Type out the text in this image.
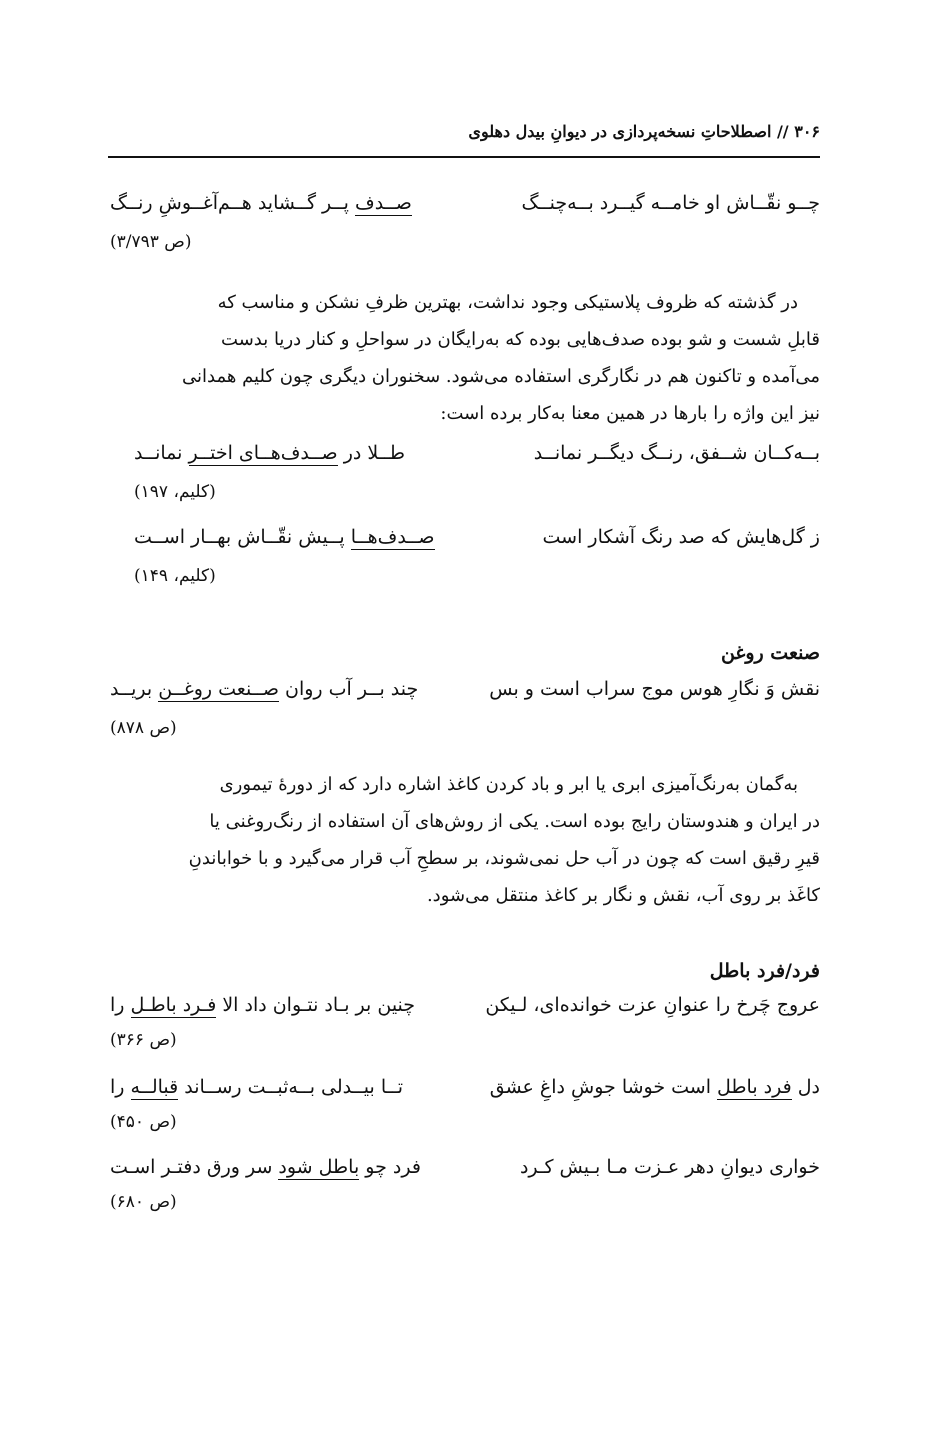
۳۰۶ // اصطلاحاتِ نسخه‌پردازی در دیوانِ بیدل دهلوی
چــو نقّــاش او خامــه گیــرد بــه‌چنــگ
صــدف پــر گــشاید هــم‌آغــوشِ رنــگ
(ص ۳/۷۹۳)
در گذشته که ظروف پلاستیکی وجود نداشت، بهترین ظرفِ نشکن و مناسب که
قابلِ شست و شو بوده صدف‌هایی بوده که به‌رایگان در سواحلِ و کنار دریا بدست
می‌آمده و تاکنون هم در نگارگری استفاده می‌شود. سخنوران دیگری چون کلیم همدانی
نیز این واژه را بارها در همین معنا به‌کار برده است:
بــه‌کــان شــفق، رنــگ دیگــر نمانــد
طــلا در صــدف‌هــای اختــر نمانــد
(کلیم، ۱۹۷)
ز گل‌هایش که صد رنگ آشکار است
صــدف‌هــا پــیش نقّــاش بهــار اســت
(کلیم، ۱۴۹)
صنعت روغن
نقش وَ نگارِ هوس موج سراب است و بس
چند بــر آب روان صــنعت روغــن بریــد
(ص ۸۷۸)
به‌گمان به‌رنگ‌آمیزی ابری یا ابر و باد کردن کاغذ اشاره دارد که از دورۀ تیموری
در ایران و هندوستان رایج بوده است. یکی از روش‌های آن استفاده از رنگ‌روغنی یا
قیرِ رقیق است که چون در آب حل نمی‌شوند، بر سطحِ آب قرار می‌گیرد و با خواباندنِ
کاغَذ بر روی آب، نقش و نگار بر کاغذ منتقل می‌شود.
فرد/فرد باطل
عروج چَرخ را عنوانِ عزت خوانده‌ای، لـیکن
چنین بر بـاد نتـوان داد الا فـرد باطـل را
(ص ۳۶۶)
دل فرد باطل است خوشا جوشِ داغِ عشق
تــا بیــدلی بــه‌ثبــت رســاند قبالــه را
(ص ۴۵۰)
خواری دیوانِ دهر عـزت مـا بـیش کـرد
فرد چو باطل شود سر ورق دفتـر اسـت
(ص ۶۸۰)
